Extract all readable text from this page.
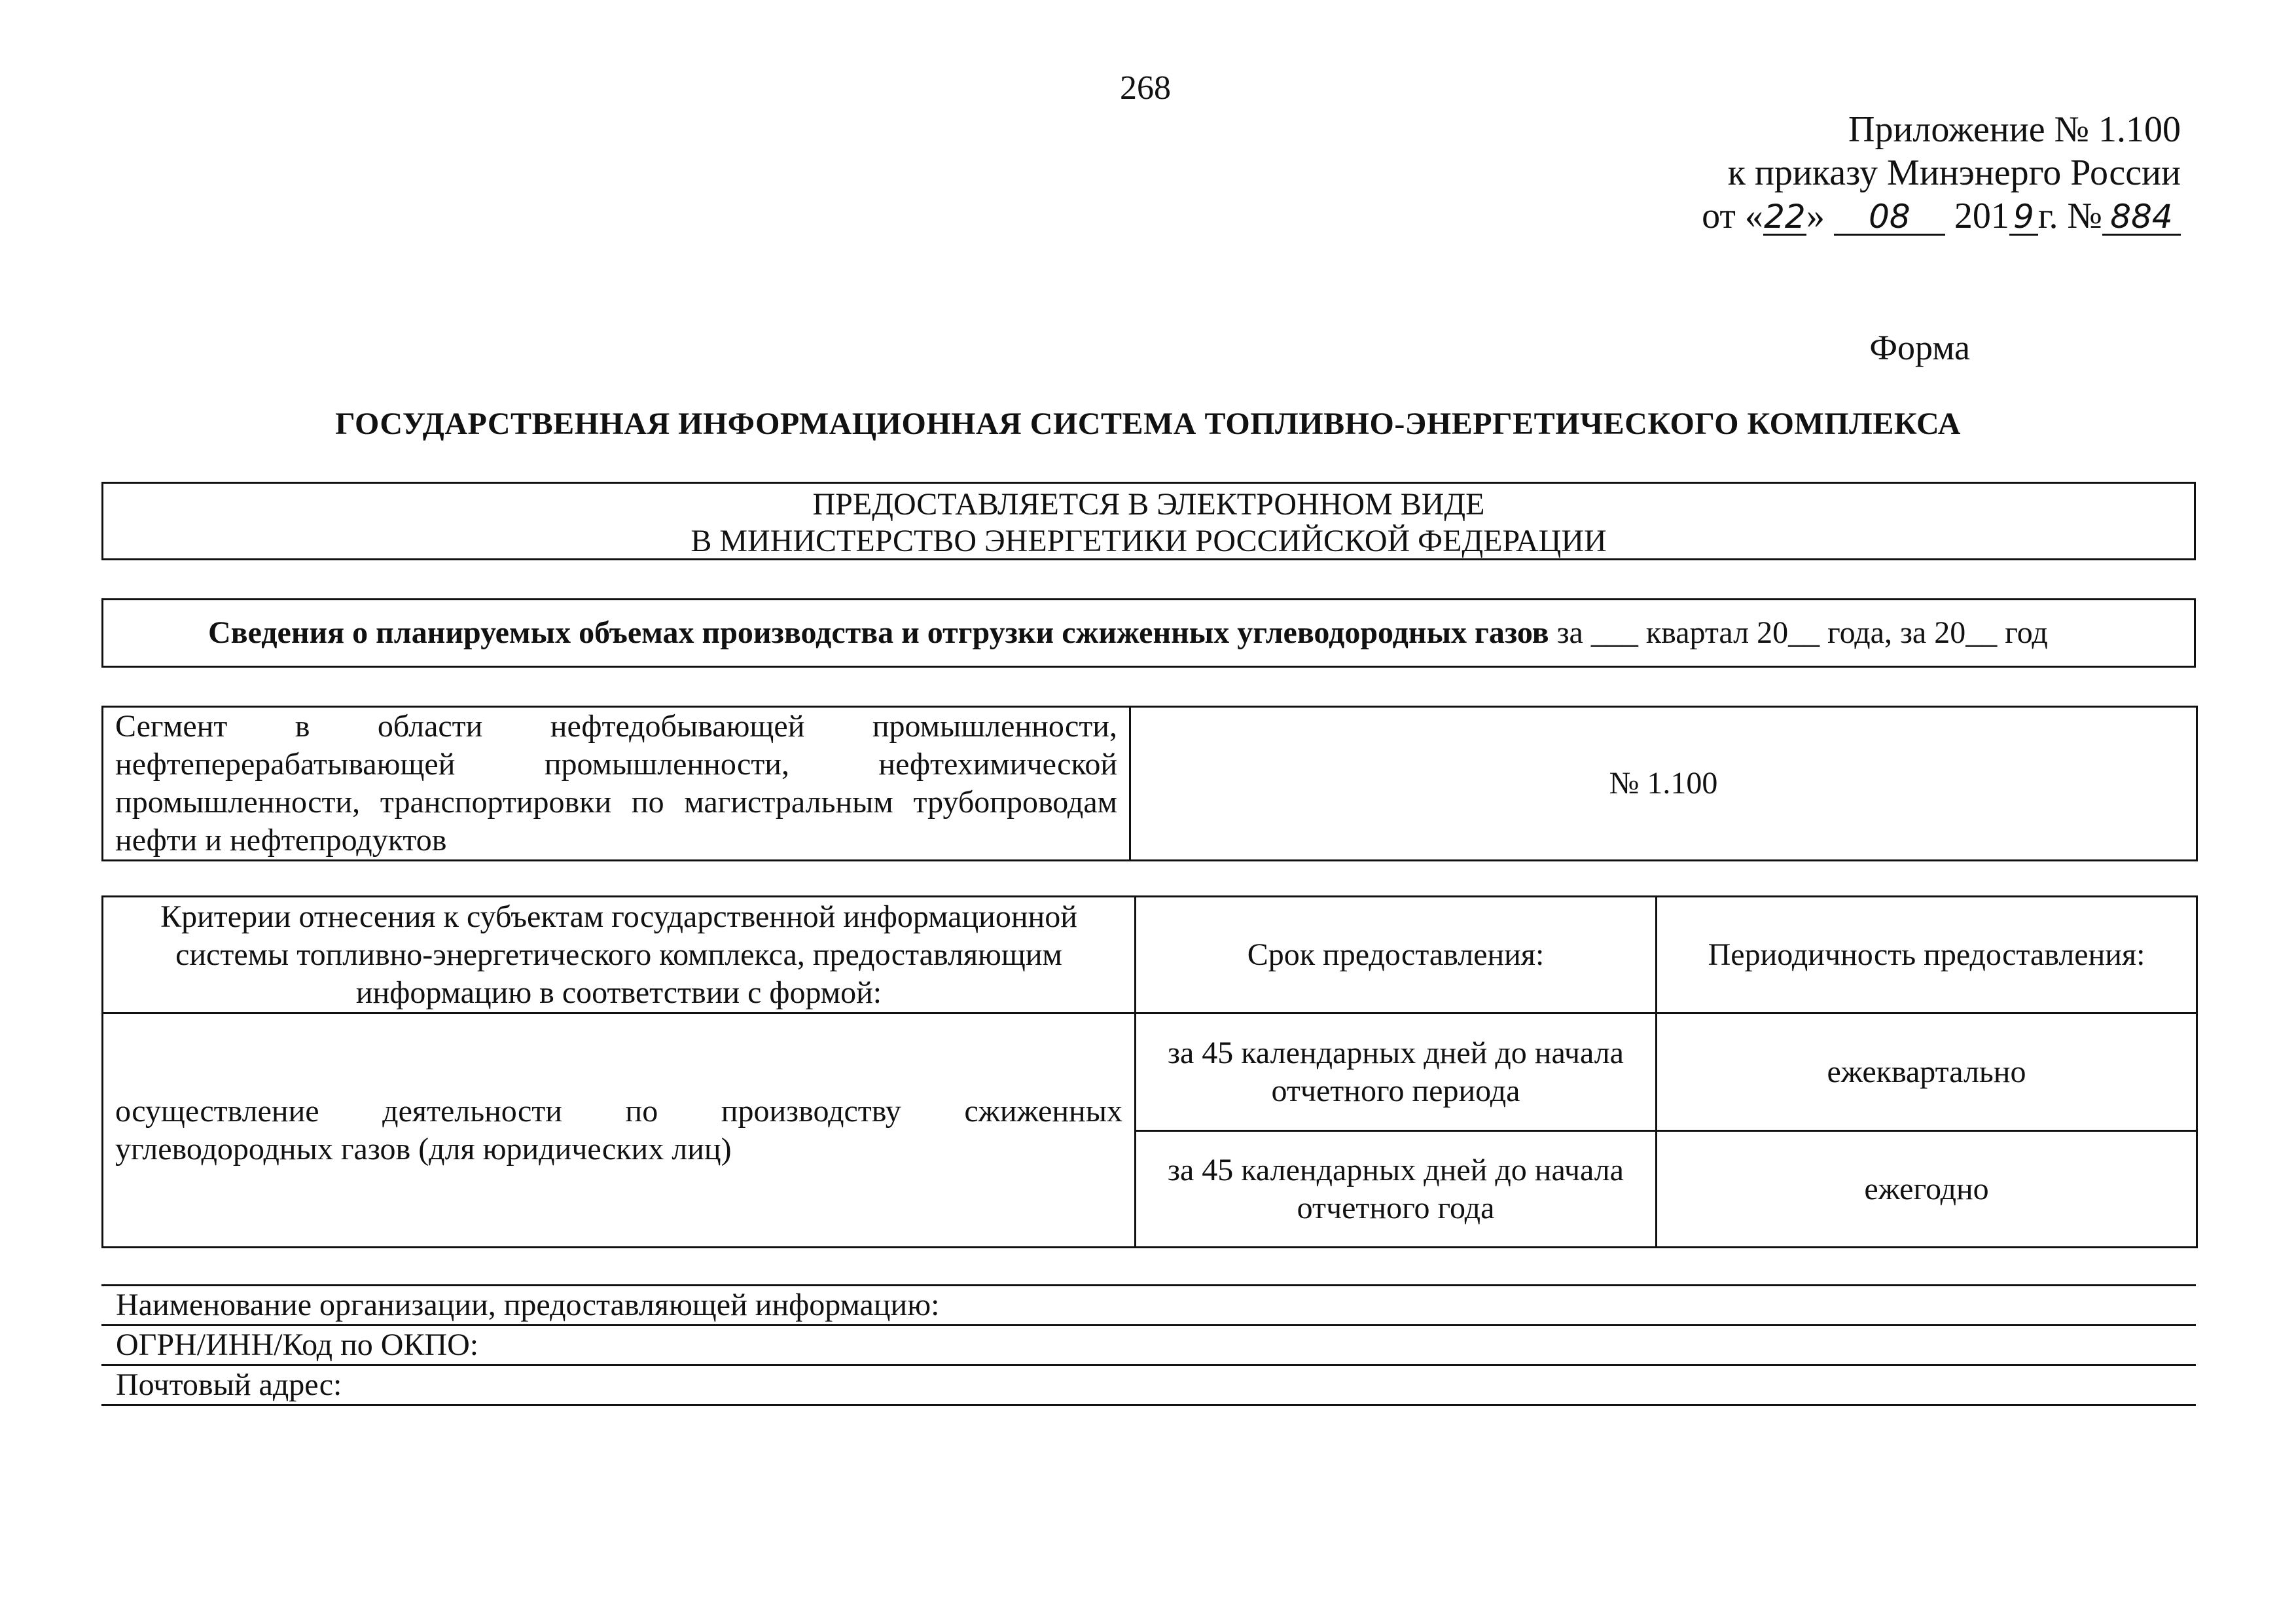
268
Приложение № 1.100
к приказу Минэнерго России
от «22» 08 201 9 г. № 884
Форма
ГОСУДАРСТВЕННАЯ ИНФОРМАЦИОННАЯ СИСТЕМА ТОПЛИВНО-ЭНЕРГЕТИЧЕСКОГО КОМПЛЕКСА
ПРЕДОСТАВЛЯЕТСЯ В ЭЛЕКТРОННОМ ВИДЕ
В МИНИСТЕРСТВО ЭНЕРГЕТИКИ РОССИЙСКОЙ ФЕДЕРАЦИИ
Сведения о планируемых объемах производства и отгрузки сжиженных углеводородных газов за ___ квартал 20__ года, за 20__ год
Сегмент в области нефтедобывающей промышленности, нефтеперерабатывающей промышленности, нефтехимической промышленности, транспортировки по магистральным трубопроводам нефти и нефтепродуктов	№ 1.100
Критерии отнесения к субъектам государственной информационной системы топливно-энергетического комплекса, предоставляющим информацию в соответствии с формой:	Срок предоставления:	Периодичность предоставления:
осуществление деятельности по производству сжиженных углеводородных газов (для юридических лиц)	за 45 календарных дней до начала отчетного периода	ежеквартально
	за 45 календарных дней до начала отчетного года	ежегодно
Наименование организации, предоставляющей информацию:
ОГРН/ИНН/Код по ОКПО:
Почтовый адрес:
